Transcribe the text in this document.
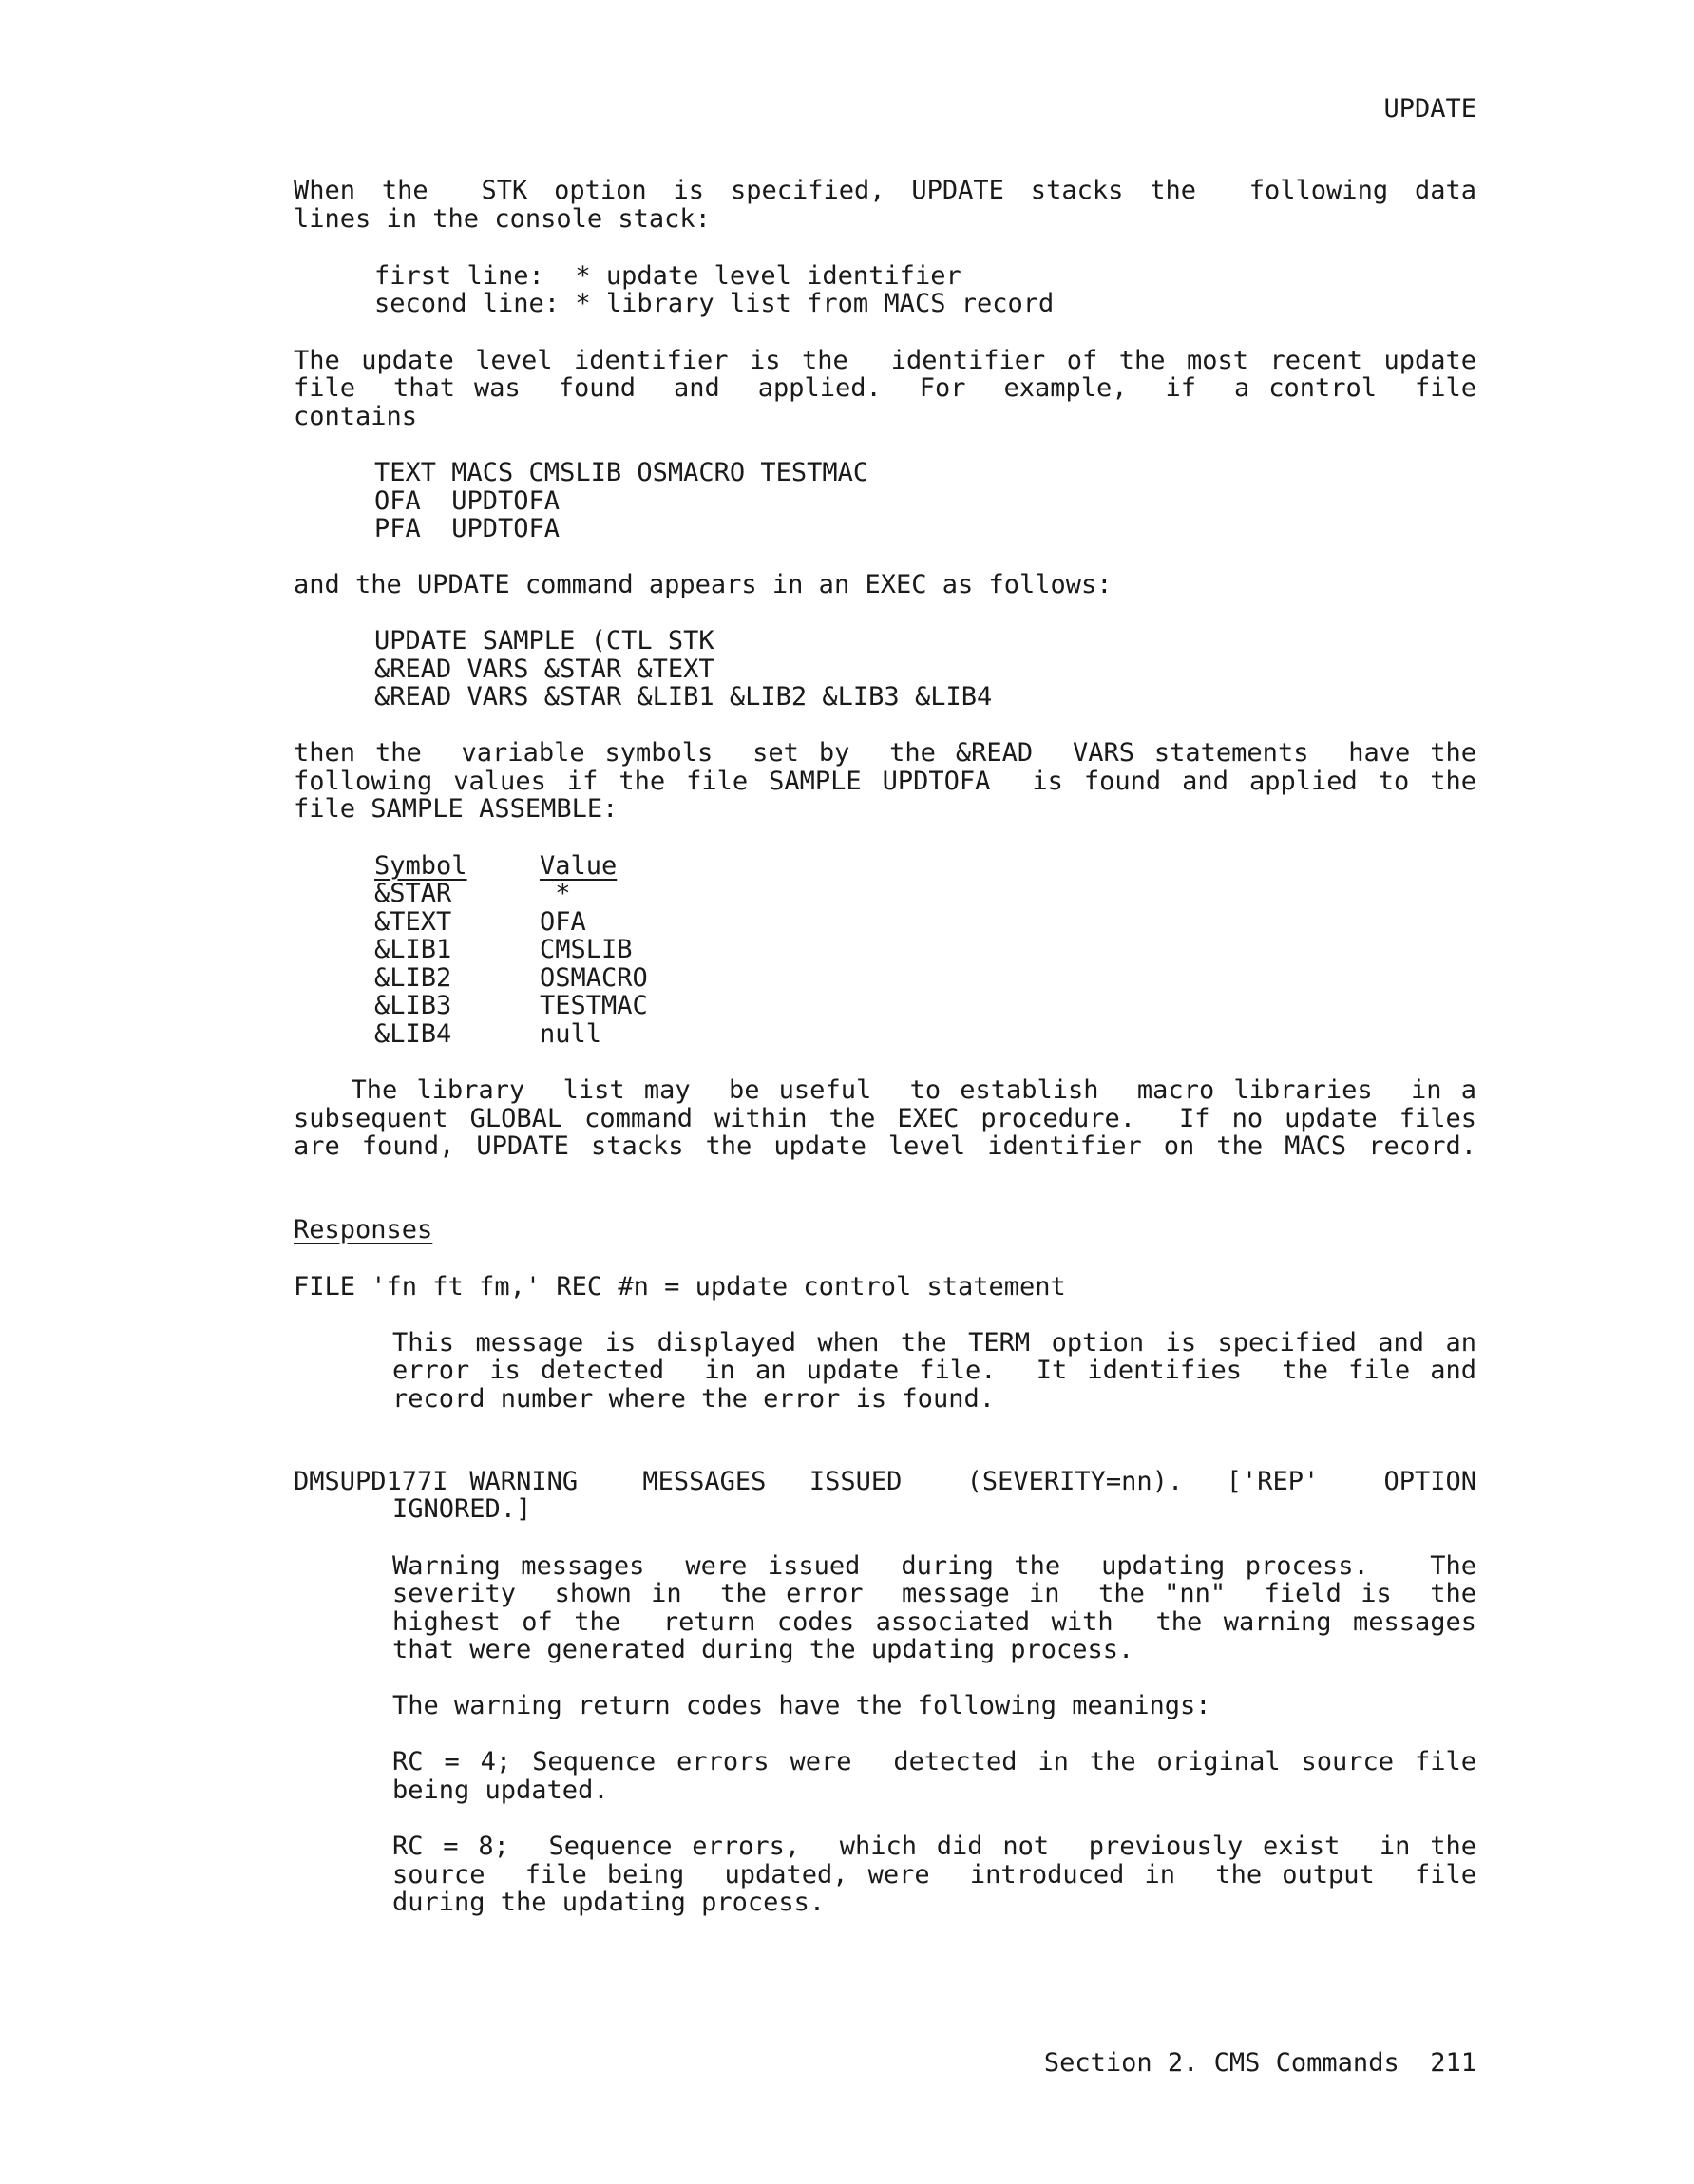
UPDATE
When the  STK option is specified, UPDATE stacks the  following data
lines in the console stack:
first line:  * update level identifier
second line: * library list from MACS record
The update level identifier is the  identifier of the most recent update
file  that was  found  and  applied.  For  example,  if  a control  file
contains
TEXT MACS CMSLIB OSMACRO TESTMAC
OFA  UPDTOFA
PFA  UPDTOFA
and the UPDATE command appears in an EXEC as follows:
UPDATE SAMPLE (CTL STK
&READ VARS &STAR &TEXT
&READ VARS &STAR &LIB1 &LIB2 &LIB3 &LIB4
then the  variable symbols  set by  the &READ  VARS statements  have the
following values if the file SAMPLE UPDTOFA  is found and applied to the
file SAMPLE ASSEMBLE:
Symbol	Value
&STAR	*
&TEXT	OFA
&LIB1	CMSLIB
&LIB2	OSMACRO
&LIB3	TESTMAC
&LIB4	null
The library  list may  be useful  to establish  macro libraries  in a
subsequent GLOBAL command within the EXEC procedure.  If no update files
are found, UPDATE stacks the update level identifier on the MACS record.
Responses
FILE 'fn ft fm,' REC #n = update control statement
This message is displayed when the TERM option is specified and an
error is detected  in an update file.  It identifies  the file and
record number where the error is found.
DMSUPD177I WARNING   MESSAGES  ISSUED   (SEVERITY=nn).  ['REP'   OPTION
IGNORED.]
Warning messages  were issued  during the  updating process.   The
severity  shown in  the error  message in  the "nn"  field is  the
highest of the  return codes associated with  the warning messages
that were generated during the updating process.
The warning return codes have the following meanings:
RC = 4; Sequence errors were  detected in the original source file
being updated.
RC = 8;  Sequence errors,  which did not  previously exist  in the
source  file being  updated, were  introduced in  the output  file
during the updating process.
Section 2. CMS Commands 211
